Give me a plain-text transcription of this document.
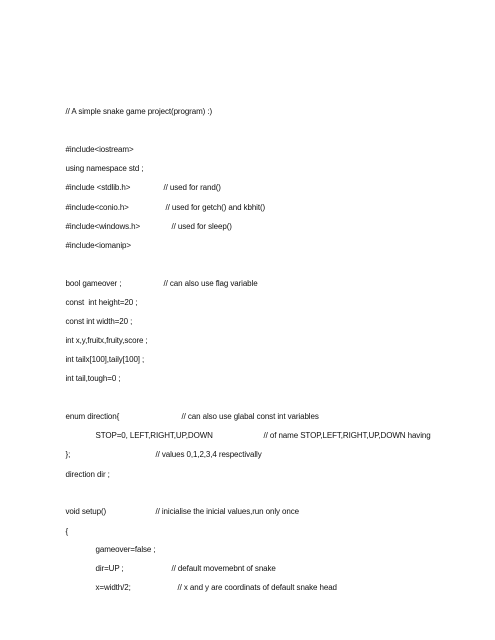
// A simple snake game project(program) :)

#include<iostream>

using namespace std ;

#include <stdlib.h>
	// used for rand()

#include<conio.h>
	// used for getch() and kbhit()

#include<windows.h>
	// used for sleep()

#include<iomanip>

bool gameover ;
	// can also use flag variable

const  int height=20 ;

const int width=20 ;

int x,y,fruitx,fruity,score ;

int tailx[100],taily[100] ;

int tail,tough=0 ;

enum direction{
	// can also use glabal const int variables

STOP=0, LEFT,RIGHT,UP,DOWN
	// of name STOP,LEFT,RIGHT,UP,DOWN having

};
	// values 0,1,2,3,4 respectivally

direction dir ;

void setup()
	// inicialise the inicial values,run only once

{

gameover=false ;

dir=UP ;
	// default movemebnt of snake

x=width/2;
	// x and y are coordinats of default snake head
